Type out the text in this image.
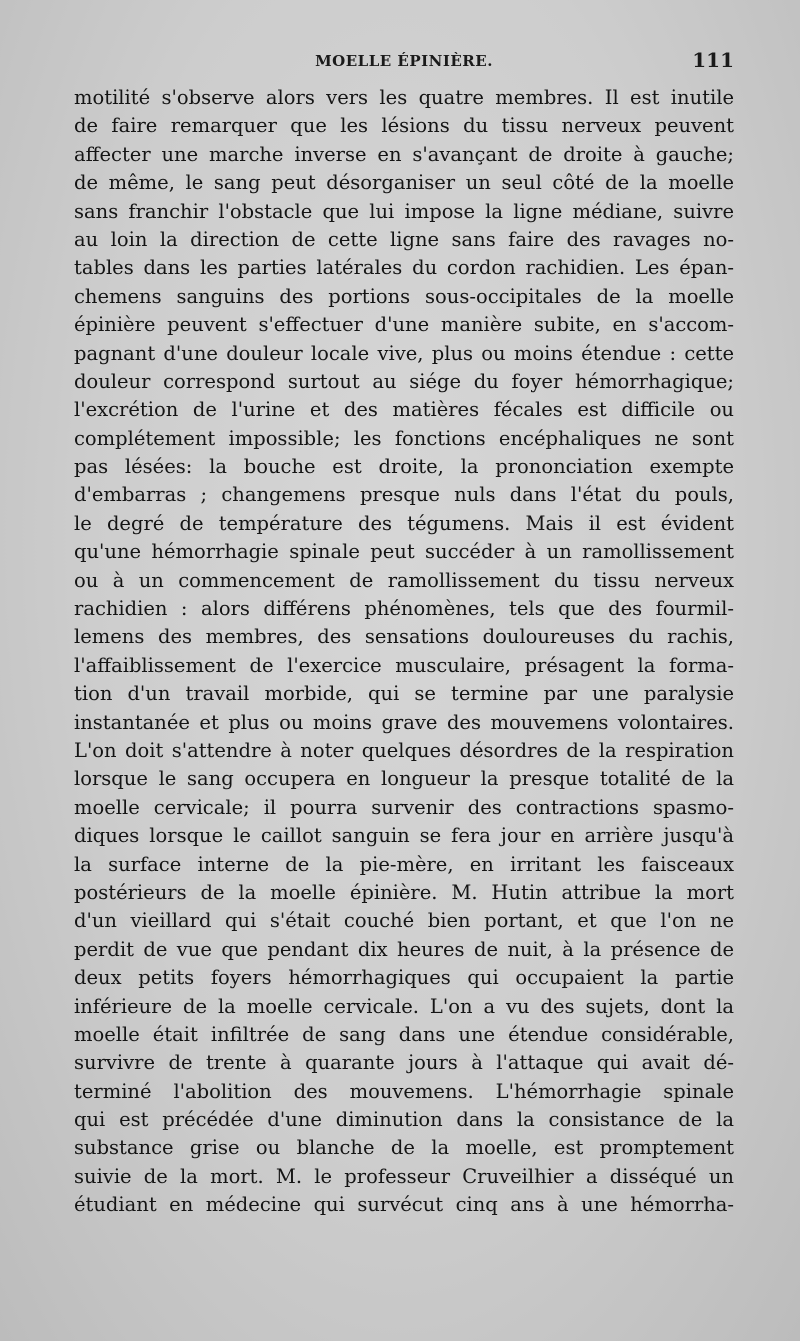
MOELLE ÉPINIÈRE.	111
motilité s'observe alors vers les quatre membres. Il est inutile
de faire remarquer que les lésions du tissu nerveux peuvent
affecter une marche inverse en s'avançant de droite à gauche;
de même, le sang peut désorganiser un seul côté de la moelle
sans franchir l'obstacle que lui impose la ligne médiane, suivre
au loin la direction de cette ligne sans faire des ravages no-
tables dans les parties latérales du cordon rachidien. Les épan-
chemens sanguins des portions sous-occipitales de la moelle
épinière peuvent s'effectuer d'une manière subite, en s'accom-
pagnant d'une douleur locale vive, plus ou moins étendue : cette
douleur correspond surtout au siége du foyer hémorrhagique;
l'excrétion de l'urine et des matières fécales est difficile ou
complétement impossible; les fonctions encéphaliques ne sont
pas lésées: la bouche est droite, la prononciation exempte
d'embarras ; changemens presque nuls dans l'état du pouls,
le degré de température des tégumens. Mais il est évident
qu'une hémorrhagie spinale peut succéder à un ramollissement
ou à un commencement de ramollissement du tissu nerveux
rachidien : alors différens phénomènes, tels que des fourmil-
lemens des membres, des sensations douloureuses du rachis,
l'affaiblissement de l'exercice musculaire, présagent la forma-
tion d'un travail morbide, qui se termine par une paralysie
instantanée et plus ou moins grave des mouvemens volontaires.
L'on doit s'attendre à noter quelques désordres de la respiration
lorsque le sang occupera en longueur la presque totalité de la
moelle cervicale; il pourra survenir des contractions spasmo-
diques lorsque le caillot sanguin se fera jour en arrière jusqu'à
la surface interne de la pie-mère, en irritant les faisceaux
postérieurs de la moelle épinière. M. Hutin attribue la mort
d'un vieillard qui s'était couché bien portant, et que l'on ne
perdit de vue que pendant dix heures de nuit, à la présence de
deux petits foyers hémorrhagiques qui occupaient la partie
inférieure de la moelle cervicale. L'on a vu des sujets, dont la
moelle était infiltrée de sang dans une étendue considérable,
survivre de trente à quarante jours à l'attaque qui avait dé-
terminé l'abolition des mouvemens. L'hémorrhagie spinale
qui est précédée d'une diminution dans la consistance de la
substance grise ou blanche de la moelle, est promptement
suivie de la mort. M. le professeur Cruveilhier a disséqué un
étudiant en médecine qui survécut cinq ans à une hémorrha-
